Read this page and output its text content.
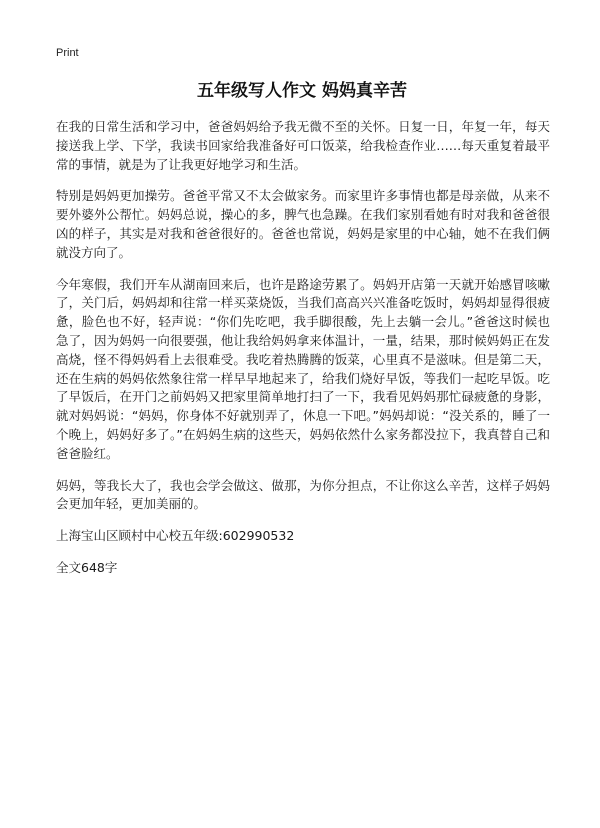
Print
五年级写人作文 妈妈真辛苦

在我的日常生活和学习中，爸爸妈妈给予我无微不至的关怀。日复一日，年复一年，每天接送我上学、下学，我读书回家给我准备好可口饭菜，给我检查作业……每天重复着最平常的事情，就是为了让我更好地学习和生活。

特别是妈妈更加操劳。爸爸平常又不太会做家务。而家里许多事情也都是母亲做，从来不要外婆外公帮忙。妈妈总说，操心的多，脾气也急躁。在我们家别看她有时对我和爸爸很凶的样子，其实是对我和爸爸很好的。爸爸也常说，妈妈是家里的中心轴，她不在我们俩就没方向了。

今年寒假，我们开车从湖南回来后，也许是路途劳累了。妈妈开店第一天就开始感冒咳嗽了，关门后，妈妈却和往常一样买菜烧饭，当我们高高兴兴准备吃饭时，妈妈却显得很疲惫，脸色也不好，轻声说：“你们先吃吧，我手脚很酸，先上去躺一会儿。”爸爸这时候也急了，因为妈妈一向很要强，他让我给妈妈拿来体温计，一量，结果，那时候妈妈正在发高烧，怪不得妈妈看上去很难受。我吃着热腾腾的饭菜，心里真不是滋味。但是第二天，还在生病的妈妈依然象往常一样早早地起来了，给我们烧好早饭，等我们一起吃早饭。吃了早饭后，在开门之前妈妈又把家里简单地打扫了一下，我看见妈妈那忙碌疲惫的身影，就对妈妈说：“妈妈，你身体不好就别弄了，休息一下吧。”妈妈却说：“没关系的，睡了一个晚上，妈妈好多了。”在妈妈生病的这些天，妈妈依然什么家务都没拉下，我真替自己和爸爸脸红。

妈妈，等我长大了，我也会学会做这、做那，为你分担点，不让你这么辛苦，这样子妈妈会更加年轻，更加美丽的。

上海宝山区顾村中心校五年级:602990532

全文648字
